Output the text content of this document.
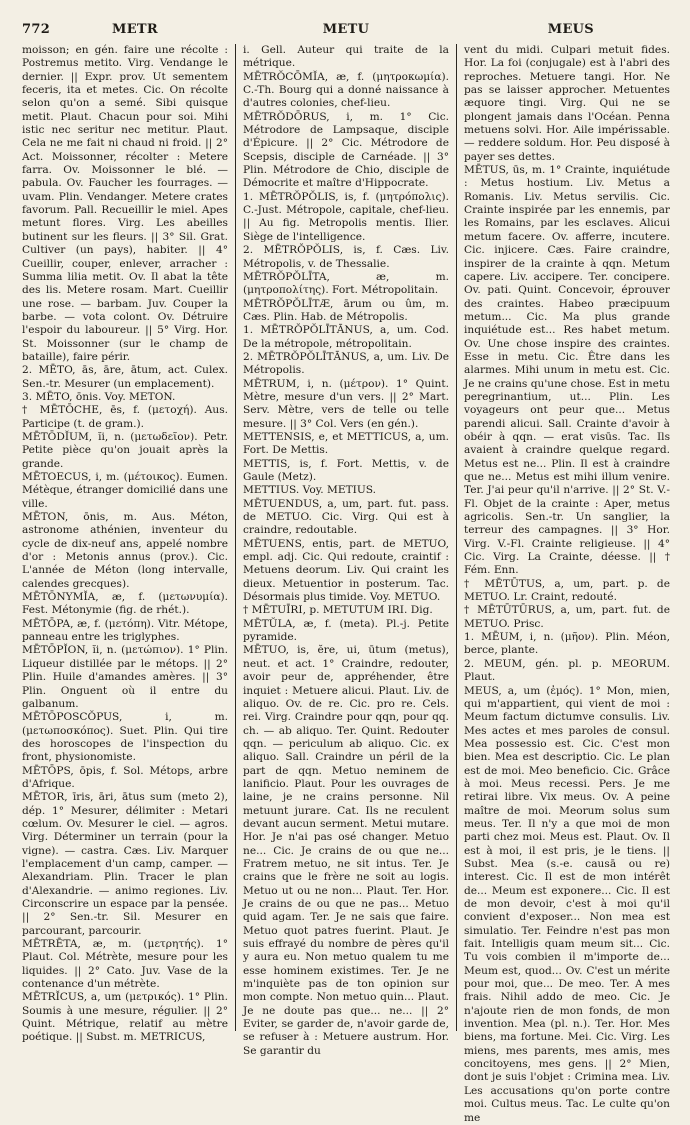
772	METU
METR	MEUS

moisson; en gén. faire une récolte : Postremus metito. Virg. Vendange le dernier. || Expr. prov. Ut sementem feceris, ita et metes. Cic. On récolte selon qu'on a semé. Sibi quisque metit. Plaut. Chacun pour soi. Mihi istic nec seritur nec metitur. Plaut. Cela ne me fait ni chaud ni froid. || 2° Act. Moissonner, récolter : Metere farra. Ov. Moissonner le blé. — pabula. Ov. Faucher les fourrages. — uvam. Plin. Vendanger. Metere crates favorum. Pall. Recueillir le miel. Apes metunt flores. Virg. Les abeilles butinent sur les fleurs. || 3° Sil. Grat. Cultiver (un pays), habiter. || 4° Cueillir, couper, enlever, arracher : Summa lilia metit. Ov. Il abat la tête des lis. Metere rosam. Mart. Cueillir une rose. — barbam. Juv. Couper la barbe. — vota colont. Ov. Détruire l'espoir du laboureur. || 5° Virg. Hor. St. Moissonner (sur le champ de bataille), faire périr.

2. MĒTO, ās, āre, ātum, act. Culex. Sen.-tr. Mesurer (un emplacement).

3. MĒTO, ōnis. Voy. METON.

† MĒTŌCHE, ēs, f. (μετοχή). Aus. Participe (t. de gram.).

MĒTŌDĬUM, ĭi, n. (μετωδεῖον). Petr. Petite pièce qu'on jouait après la grande.

MĒTOECUS, i, m. (μέτοικος). Eumen. Métèque, étranger domicilié dans une ville.

MĒTON, ōnis, m. Aus. Méton, astronome athénien, inventeur du cycle de dix-neuf ans, appelé nombre d'or : Metonis annus (prov.). Cic. L'année de Méton (long intervalle, calendes grecques).

MĒTŌNYMĬA, æ, f. (μετωνυμία). Fest. Métonymie (fig. de rhét.).

MĒTŌPA, æ, f. (μετόπη). Vitr. Métope, panneau entre les triglyphes.

MĒTŌPĬON, ĭi, n. (μετώπιον). 1° Plin. Liqueur distillée par le métops. || 2° Plin. Huile d'amandes amères. || 3° Plin. Onguent où il entre du galbanum.

MĒTŌPOSCŎPUS, i, m. (μετωποσκόπος). Suet. Plin. Qui tire des horoscopes de l'inspection du front, physionomiste.

MĒTŌPS, ōpis, f. Sol. Métops, arbre d'Afrique.

MĒTOR, īris, āri, ātus sum (meto 2), dép. 1° Mesurer, délimiter : Metari cœlum. Ov. Mesurer le ciel. — agros. Virg. Déterminer un terrain (pour la vigne). — castra. Cæs. Liv. Marquer l'emplacement d'un camp, camper. — Alexandriam. Plin. Tracer le plan d'Alexandrie. — animo regiones. Liv. Circonscrire un espace par la pensée. || 2° Sen.-tr. Sil. Mesurer en parcourant, parcourir.

MĒTRĒTA, æ, m. (μετρητής). 1° Plaut. Col. Métrète, mesure pour les liquides. || 2° Cato. Juv. Vase de la contenance d'un métrète.

MĒTRĬCUS, a, um (μετρικός). 1° Plin. Soumis à une mesure, régulier. || 2° Quint. Métrique, relatif au mètre poétique. || Subst. m. METRICUS,

i. Gell. Auteur qui traite de la métrique.

MĒTRŎCŌMĬA, æ, f. (μητροκωμία). C.-Th. Bourg qui a donné naissance à d'autres colonies, chef-lieu.

MĒTRŎDŌRUS, i, m. 1° Cic. Métrodore de Lampsaque, disciple d'Épicure. || 2° Cic. Métrodore de Scepsis, disciple de Carnéade. || 3° Plin. Métrodore de Chio, disciple de Démocrite et maître d'Hippocrate.

1. MĒTRŎPŎLIS, is, f. (μητρόπολις). C.-Just. Métropole, capitale, chef-lieu. || Au fig. Metropolis mentis. Ilier. Siège de l'intelligence.

2. MĒTRŎPŎLIS, is, f. Cæs. Liv. Métropolis, v. de Thessalie.

MĒTRŎPŎLĪTA, æ, m. (μητροπολίτης). Fort. Métropolitain.

MĒTRŎPŎLĪTÆ, ārum ou ûm, m. Cæs. Plin. Hab. de Métropolis.

1. MĒTRŎPŎLĪTĀNUS, a, um. Cod. De la métropole, métropolitain.

2. MĒTRŎPŎLĪTĀNUS, a, um. Liv. De Métropolis.

MĒTRUM, i, n. (μέτρον). 1° Quint. Mètre, mesure d'un vers. || 2° Mart. Serv. Mètre, vers de telle ou telle mesure. || 3° Col. Vers (en gén.).

METTENSIS, e, et METTICUS, a, um. Fort. De Mettis.

METTIS, is, f. Fort. Mettis, v. de Gaule (Metz).

METTIUS. Voy. METIUS.

MĒTUENDUS, a, um, part. fut. pass. de METUO. Cic. Virg. Qui est à craindre, redoutable.

MĒTUENS, entis, part. de METUO, empl. adj. Cic. Qui redoute, craintif : Metuens deorum. Liv. Qui craint les dieux. Metuentior in posterum. Tac. Désormais plus timide. Voy. METUO.

† MĒTUĪRI, p. METUTUM IRI. Dig.

MĒTŬLA, æ, f. (meta). Pl.-j. Petite pyramide.

MĒTUO, is, ĕre, ui, ūtum (metus), neut. et act. 1° Craindre, redouter, avoir peur de, appréhender, être inquiet : Metuere alicui. Plaut. Liv. de aliquo. Ov. de re. Cic. pro re. Cels. rei. Virg. Craindre pour qqn, pour qq. ch. — ab aliquo. Ter. Quint. Redouter qqn. — periculum ab aliquo. Cic. ex aliquo. Sall. Craindre un péril de la part de qqn. Metuo neminem de lanificio. Plaut. Pour les ouvrages de laine, je ne crains personne. Nil metuunt jurare. Cat. Ils ne reculent devant aucun serment. Metui mutare. Hor. Je n'ai pas osé changer. Metuo ne... Cic. Je crains de ou que ne... Fratrem metuo, ne sit intus. Ter. Je crains que le frère ne soit au logis. Metuo ut ou ne non... Plaut. Ter. Hor. Je crains de ou que ne pas... Metuo quid agam. Ter. Je ne sais que faire. Metuo quot patres fuerint. Plaut. Je suis effrayé du nombre de pères qu'il y aura eu. Non metuo qualem tu me esse hominem existimes. Ter. Je ne m'inquiète pas de ton opinion sur mon compte. Non metuo quin... Plaut. Je ne doute pas que... ne... || 2° Eviter, se garder de, n'avoir garde de, se refuser à : Metuere austrum. Hor. Se garantir du

vent du midi. Culpari metuit fides. Hor. La foi (conjugale) est à l'abri des reproches. Metuere tangi. Hor. Ne pas se laisser approcher. Metuentes æquore tingi. Virg. Qui ne se plongent jamais dans l'Océan. Penna metuens solvi. Hor. Aile impérissable. — reddere soldum. Hor. Peu disposé à payer ses dettes.

MĒTUS, ūs, m. 1° Crainte, inquiétude : Metus hostium. Liv. Metus a Romanis. Liv. Metus servilis. Cic. Crainte inspirée par les ennemis, par les Romains, par les esclaves. Alicui metum facere. Ov. afferre, incutere. Cic. injicere. Cæs. Faire craindre, inspirer de la crainte à qqn. Metum capere. Liv. accipere. Ter. concipere. Ov. pati. Quint. Concevoir, éprouver des craintes. Habeo præcipuum metum... Cic. Ma plus grande inquiétude est... Res habet metum. Ov. Une chose inspire des craintes. Esse in metu. Cic. Être dans les alarmes. Mihi unum in metu est. Cic. Je ne crains qu'une chose. Est in metu peregrinantium, ut... Plin. Les voyageurs ont peur que... Metus parendi alicui. Sall. Crainte d'avoir à obéir à qqn. — erat visūs. Tac. Ils avaient à craindre quelque regard. Metus est ne... Plin. Il est à craindre que ne... Metus est mihi illum venire. Ter. J'ai peur qu'il n'arrive. || 2° St. V.-Fl. Objet de la crainte : Aper, metus agricolis. Sen.-tr. Un sanglier, la terreur des campagnes. || 3° Hor. Virg. V.-Fl. Crainte religieuse. || 4° Cic. Virg. La Crainte, déesse. || † Fém. Enn.

† MĒTŪTUS, a, um, part. p. de METUO. Lr. Craint, redouté.

† MĒTŪTŪRUS, a, um, part. fut. de METUO. Prisc.

1. MĒUM, i, n. (μῆον). Plin. Méon, berce, plante.

2. MEUM, gén. pl. p. MEORUM. Plaut.

MEUS, a, um (ἐμός). 1° Mon, mien, qui m'appartient, qui vient de moi : Meum factum dictumve consulis. Liv. Mes actes et mes paroles de consul. Mea possessio est. Cic. C'est mon bien. Mea est descriptio. Cic. Le plan est de moi. Meo beneficio. Cic. Grâce à moi. Meus recessi. Pers. Je me retirai libre. Vix meus. Ov. A peine maître de moi. Meorum solus sum meus. Ter. Il n'y a que moi de mon parti chez moi. Meus est. Plaut. Ov. Il est à moi, il est pris, je le tiens. || Subst. Mea (s.-e. causā ou re) interest. Cic. Il est de mon intérêt de... Meum est exponere... Cic. Il est de mon devoir, c'est à moi qu'il convient d'exposer... Non mea est simulatio. Ter. Feindre n'est pas mon fait. Intelligis quam meum sit... Cic. Tu vois combien il m'importe de... Meum est, quod... Ov. C'est un mérite pour moi, que... De meo. Ter. A mes frais. Nihil addo de meo. Cic. Je n'ajoute rien de mon fonds, de mon invention. Mea (pl. n.). Ter. Hor. Mes biens, ma fortune. Mei. Cic. Virg. Les miens, mes parents, mes amis, mes concitoyens, mes gens. || 2° Mien, dont je suis l'objet : Crimina mea. Liv. Les accusations qu'on porte contre moi. Cultus meus. Tac. Le culte qu'on me
